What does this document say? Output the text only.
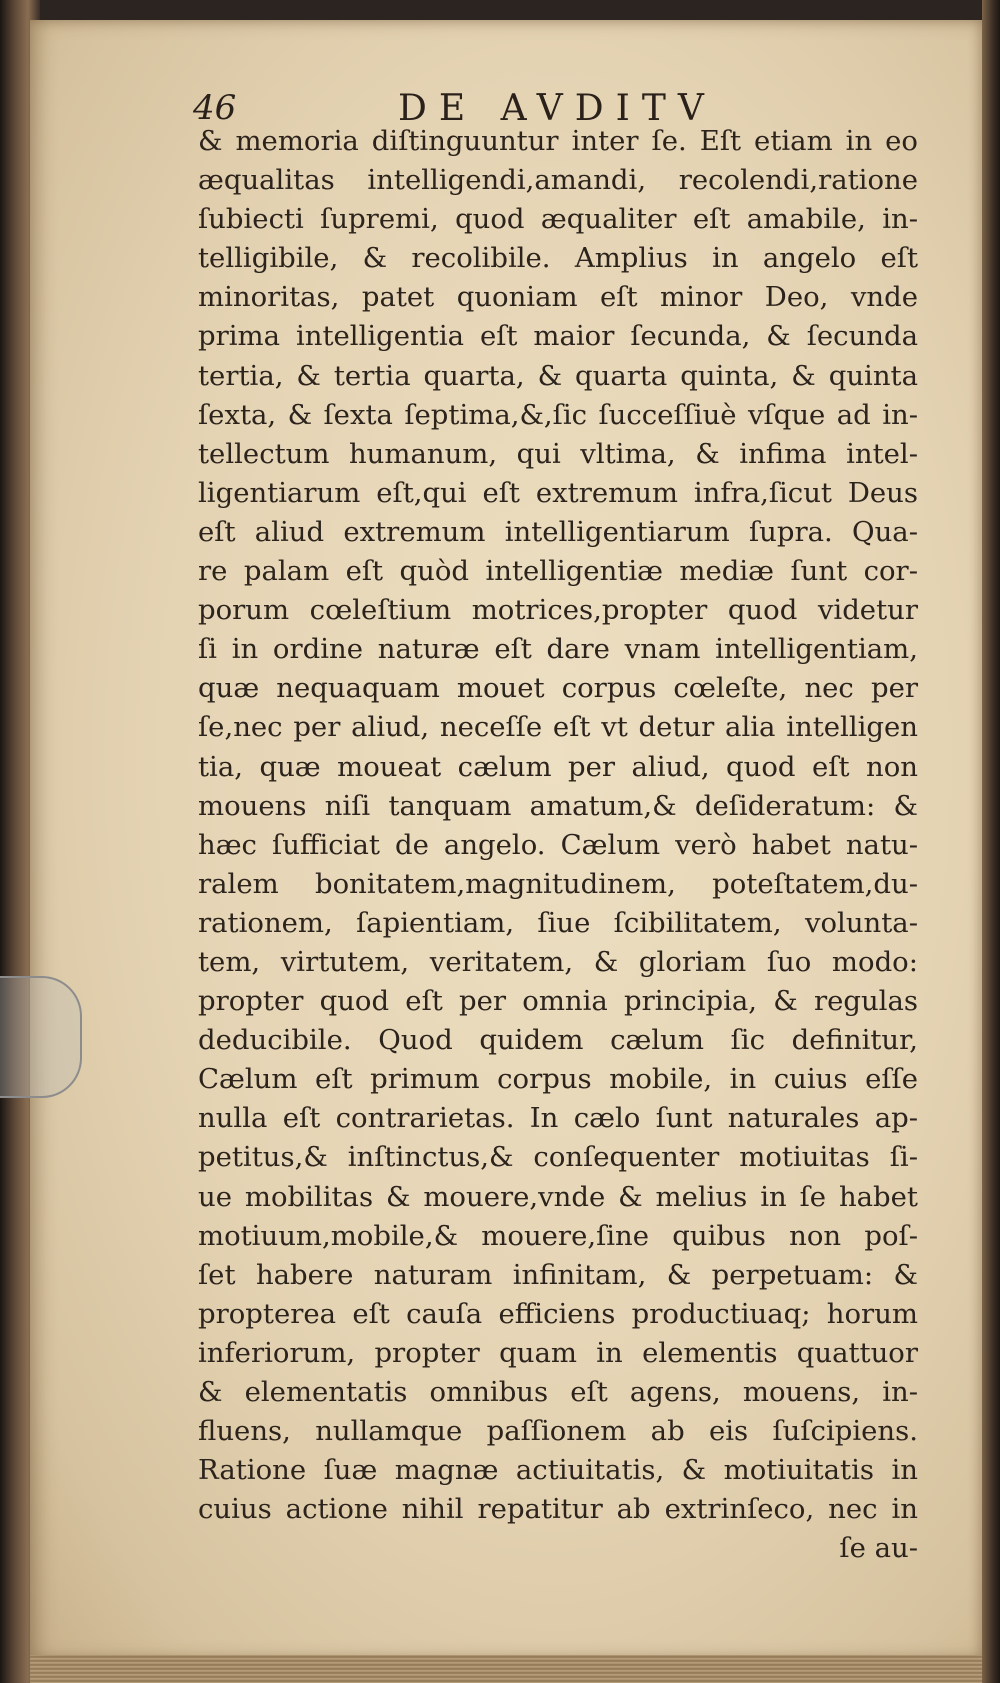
46	DE AVDITV
& memoria diſtinguuntur inter ſe. Eſt etiam in eo
æqualitas intelligendi,amandi, recolendi,ratione
ſubiecti ſupremi, quod æqualiter eſt amabile, in-
telligibile, & recolibile. Amplius in angelo eſt
minoritas, patet quoniam eſt minor Deo, vnde
prima intelligentia eſt maior ſecunda, & ſecunda
tertia, & tertia quarta, & quarta quinta, & quinta
ſexta, & ſexta ſeptima,&,ſic ſucceſſiuè vſque ad in-
tellectum humanum, qui vltima, & infima intel-
ligentiarum eſt,qui eſt extremum infra,ſicut Deus
eſt aliud extremum intelligentiarum ſupra. Qua-
re palam eſt quòd intelligentiæ mediæ ſunt cor-
porum cœleſtium motrices,propter quod videtur
ſi in ordine naturæ eſt dare vnam intelligentiam,
quæ nequaquam mouet corpus cœleſte, nec per
ſe,nec per aliud, neceſſe eſt vt detur alia intelligen
tia, quæ moueat cælum per aliud, quod eſt non
mouens niſi tanquam amatum,& deſideratum: &
hæc ſufficiat de angelo. Cælum verò habet natu-
ralem bonitatem,magnitudinem, poteſtatem,du-
rationem, ſapientiam, ſiue ſcibilitatem, volunta-
tem, virtutem, veritatem, & gloriam ſuo modo:
propter quod eſt per omnia principia, & regulas
deducibile. Quod quidem cælum ſic definitur,
Cælum eſt primum corpus mobile, in cuius eſſe
nulla eſt contrarietas. In cælo ſunt naturales ap-
petitus,& inſtinctus,& conſequenter motiuitas ſi-
ue mobilitas & mouere,vnde & melius in ſe habet
motiuum,mobile,& mouere,ſine quibus non poſ-
ſet habere naturam infinitam, & perpetuam: &
propterea eſt cauſa efficiens productiuaq; horum
inferiorum, propter quam in elementis quattuor
& elementatis omnibus eſt agens, mouens, in-
fluens, nullamque paſſionem ab eis ſuſcipiens.
Ratione ſuæ magnæ actiuitatis, & motiuitatis in
cuius actione nihil repatitur ab extrinſeco, nec in
ſe au-
